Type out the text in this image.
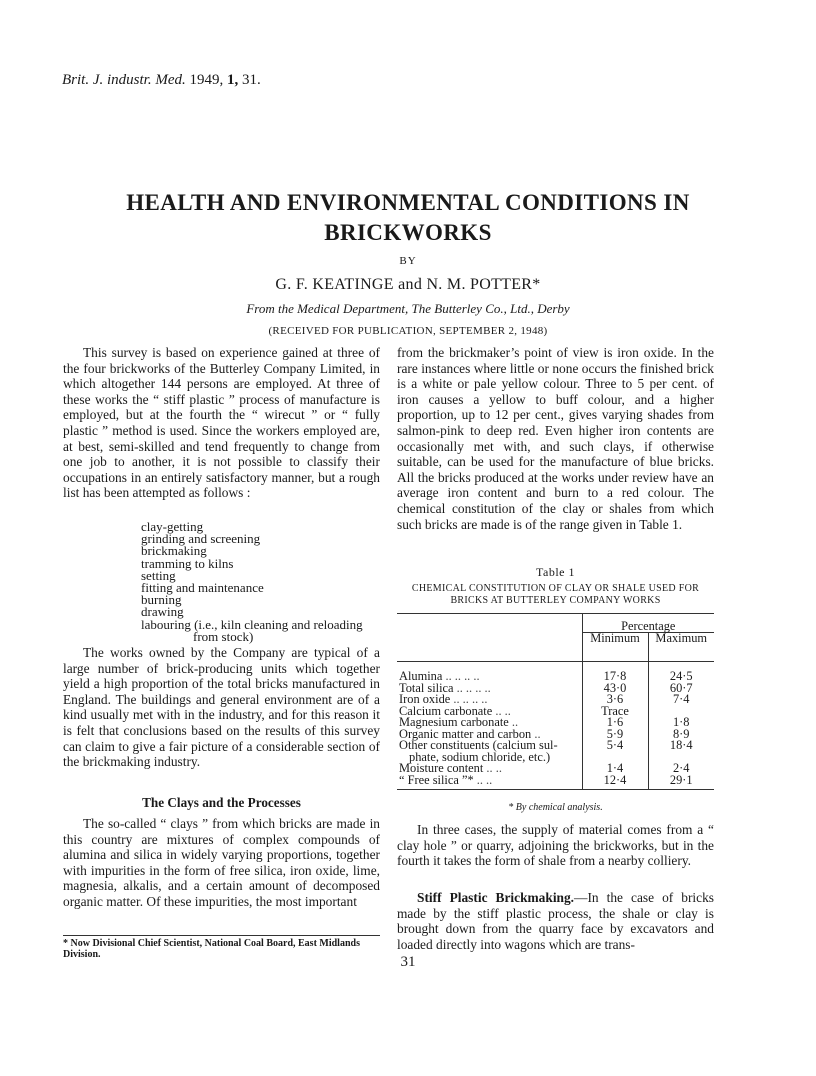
Brit. J. industr. Med. 1949, 1, 31.
HEALTH AND ENVIRONMENTAL CONDITIONS IN BRICKWORKS
BY
G. F. KEATINGE and N. M. POTTER*
From the Medical Department, The Butterley Co., Ltd., Derby
(RECEIVED FOR PUBLICATION, SEPTEMBER 2, 1948)

This survey is based on experience gained at three of the four brickworks of the Butterley Company Limited, in which altogether 144 persons are employed. At three of these works the “ stiff plastic ” process of manufacture is employed, but at the fourth the “ wirecut ” or “ fully plastic ” method is used. Since the workers employed are, at best, semi-skilled and tend frequently to change from one job to another, it is not possible to classify their occupations in an entirely satisfactory manner, but a rough list has been attempted as follows :

clay-getting
grinding and screening
brickmaking
tramming to kilns
setting
fitting and maintenance
burning
drawing
labouring (i.e., kiln cleaning and reloading
from stock)

The works owned by the Company are typical of a large number of brick-producing units which together yield a high proportion of the total bricks manufactured in England. The buildings and general environment are of a kind usually met with in the industry, and for this reason it is felt that conclusions based on the results of this survey can claim to give a fair picture of a considerable section of the brickmaking industry.

The Clays and the Processes

The so-called “ clays ” from which bricks are made in this country are mixtures of complex compounds of alumina and silica in widely varying proportions, together with impurities in the form of free silica, iron oxide, lime, magnesia, alkalis, and a certain amount of decomposed organic matter. Of these impurities, the most important

* Now Divisional Chief Scientist, National Coal Board, East Midlands Division.

from the brickmaker’s point of view is iron oxide. In the rare instances where little or none occurs the finished brick is a white or pale yellow colour. Three to 5 per cent. of iron causes a yellow to buff colour, and a higher proportion, up to 12 per cent., gives varying shades from salmon-pink to deep red. Even higher iron contents are occasionally met with, and such clays, if otherwise suitable, can be used for the manufacture of blue bricks. All the bricks produced at the works under review have an average iron content and burn to a red colour. The chemical constitution of the clay or shales from which such bricks are made is of the range given in Table 1.

Table 1
CHEMICAL CONSTITUTION OF CLAY OR SHALE USED FOR BRICKS AT BUTTERLEY COMPANY WORKS
	Percentage	
	Minimum	Maximum

Alumina .. .. .. ..	17·8	24·5
Total silica .. .. .. ..	43·0	60·7
Iron oxide .. .. .. ..	3·6	7·4
Calcium carbonate .. ..	Trace	
Magnesium carbonate ..	1·6	1·8
Organic matter and carbon ..	5·9	8·9

Other constituents (calcium sul-
phate, sodium chloride, etc.)	5·4	18·4
Moisture content .. ..	1·4	2·4
“ Free silica ”* .. ..	12·4	29·1
* By chemical analysis.

In three cases, the supply of material comes from a “ clay hole ” or quarry, adjoining the brickworks, but in the fourth it takes the form of shale from a nearby colliery.

Stiff Plastic Brickmaking.—In the case of bricks made by the stiff plastic process, the shale or clay is brought down from the quarry face by excavators and loaded directly into wagons which are trans-

31
